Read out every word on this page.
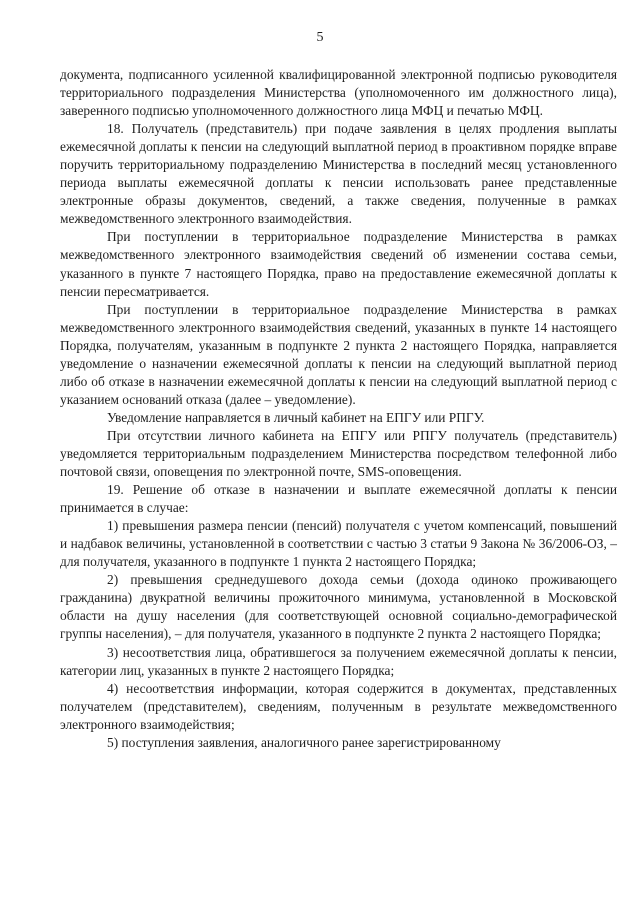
5

документа, подписанного усиленной квалифицированной электронной подписью руководителя территориального подразделения Министерства (уполномоченного им должностного лица), заверенного подписью уполномоченного должностного лица МФЦ и печатью МФЦ.

18. Получатель (представитель) при подаче заявления в целях продления выплаты ежемесячной доплаты к пенсии на следующий выплатной период в проактивном порядке вправе поручить территориальному подразделению Министерства в последний месяц установленного периода выплаты ежемесячной доплаты к пенсии использовать ранее представленные электронные образы документов, сведений, а также сведения, полученные в рамках межведомственного электронного взаимодействия.

При поступлении в территориальное подразделение Министерства в рамках межведомственного электронного взаимодействия сведений об изменении состава семьи, указанного в пункте 7 настоящего Порядка, право на предоставление ежемесячной доплаты к пенсии пересматривается.

При поступлении в территориальное подразделение Министерства в рамках межведомственного электронного взаимодействия сведений, указанных в пункте 14 настоящего Порядка, получателям, указанным в подпункте 2 пункта 2 настоящего Порядка, направляется уведомление о назначении ежемесячной доплаты к пенсии на следующий выплатной период либо об отказе в назначении ежемесячной доплаты к пенсии на следующий выплатной период с указанием оснований отказа (далее – уведомление).

Уведомление направляется в личный кабинет на ЕПГУ или РПГУ.

При отсутствии личного кабинета на ЕПГУ или РПГУ получатель (представитель) уведомляется территориальным подразделением Министерства посредством телефонной либо почтовой связи, оповещения по электронной почте, SMS-оповещения.

19. Решение об отказе в назначении и выплате ежемесячной доплаты к пенсии принимается в случае:

1) превышения размера пенсии (пенсий) получателя с учетом компенсаций, повышений и надбавок величины, установленной в соответствии с частью 3 статьи 9 Закона № 36/2006-ОЗ, – для получателя, указанного в подпункте 1 пункта 2 настоящего Порядка;

2) превышения среднедушевого дохода семьи (дохода одиноко проживающего гражданина) двукратной величины прожиточного минимума, установленной в Московской области на душу населения (для соответствующей основной социально-демографической группы населения), – для получателя, указанного в подпункте 2 пункта 2 настоящего Порядка;

3) несоответствия лица, обратившегося за получением ежемесячной доплаты к пенсии, категории лиц, указанных в пункте 2 настоящего Порядка;

4) несоответствия информации, которая содержится в документах, представленных получателем (представителем), сведениям, полученным в результате межведомственного электронного взаимодействия;

5) поступления заявления, аналогичного ранее зарегистрированному
